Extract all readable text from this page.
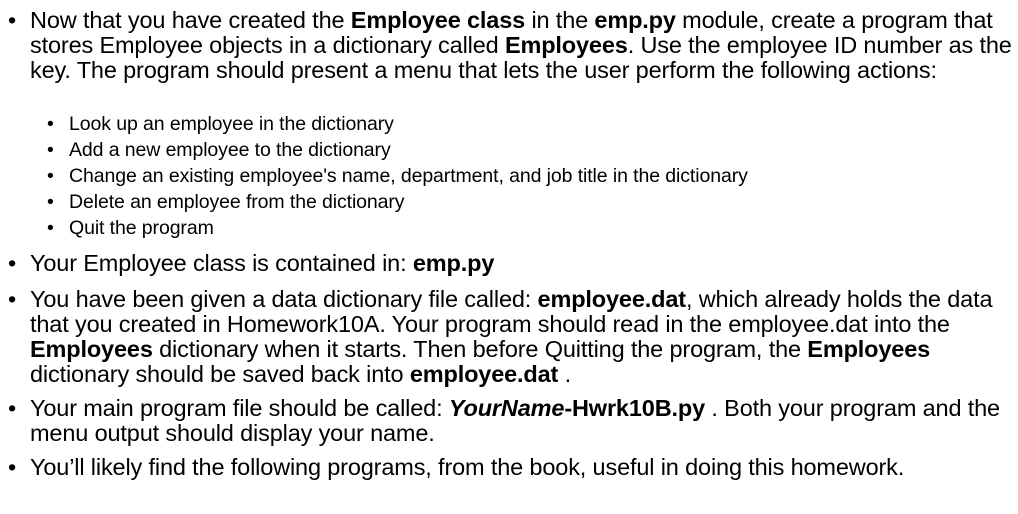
• Now that you have created the Employee class in the emp.py module, create a program that stores Employee objects in a dictionary called Employees. Use the employee ID number as the key. The program should present a menu that lets the user perform the following actions:
• Look up an employee in the dictionary
• Add a new employee to the dictionary
• Change an existing employee's name, department, and job title in the dictionary
• Delete an employee from the dictionary
• Quit the program
• Your Employee class is contained in: emp.py
• You have been given a data dictionary file called: employee.dat, which already holds the data that you created in Homework10A. Your program should read in the employee.dat into the Employees dictionary when it starts. Then before Quitting the program, the Employees dictionary should be saved back into employee.dat .
• Your main program file should be called: YourName-Hwrk10B.py . Both your program and the menu output should display your name.
• You’ll likely find the following programs, from the book, useful in doing this homework.
